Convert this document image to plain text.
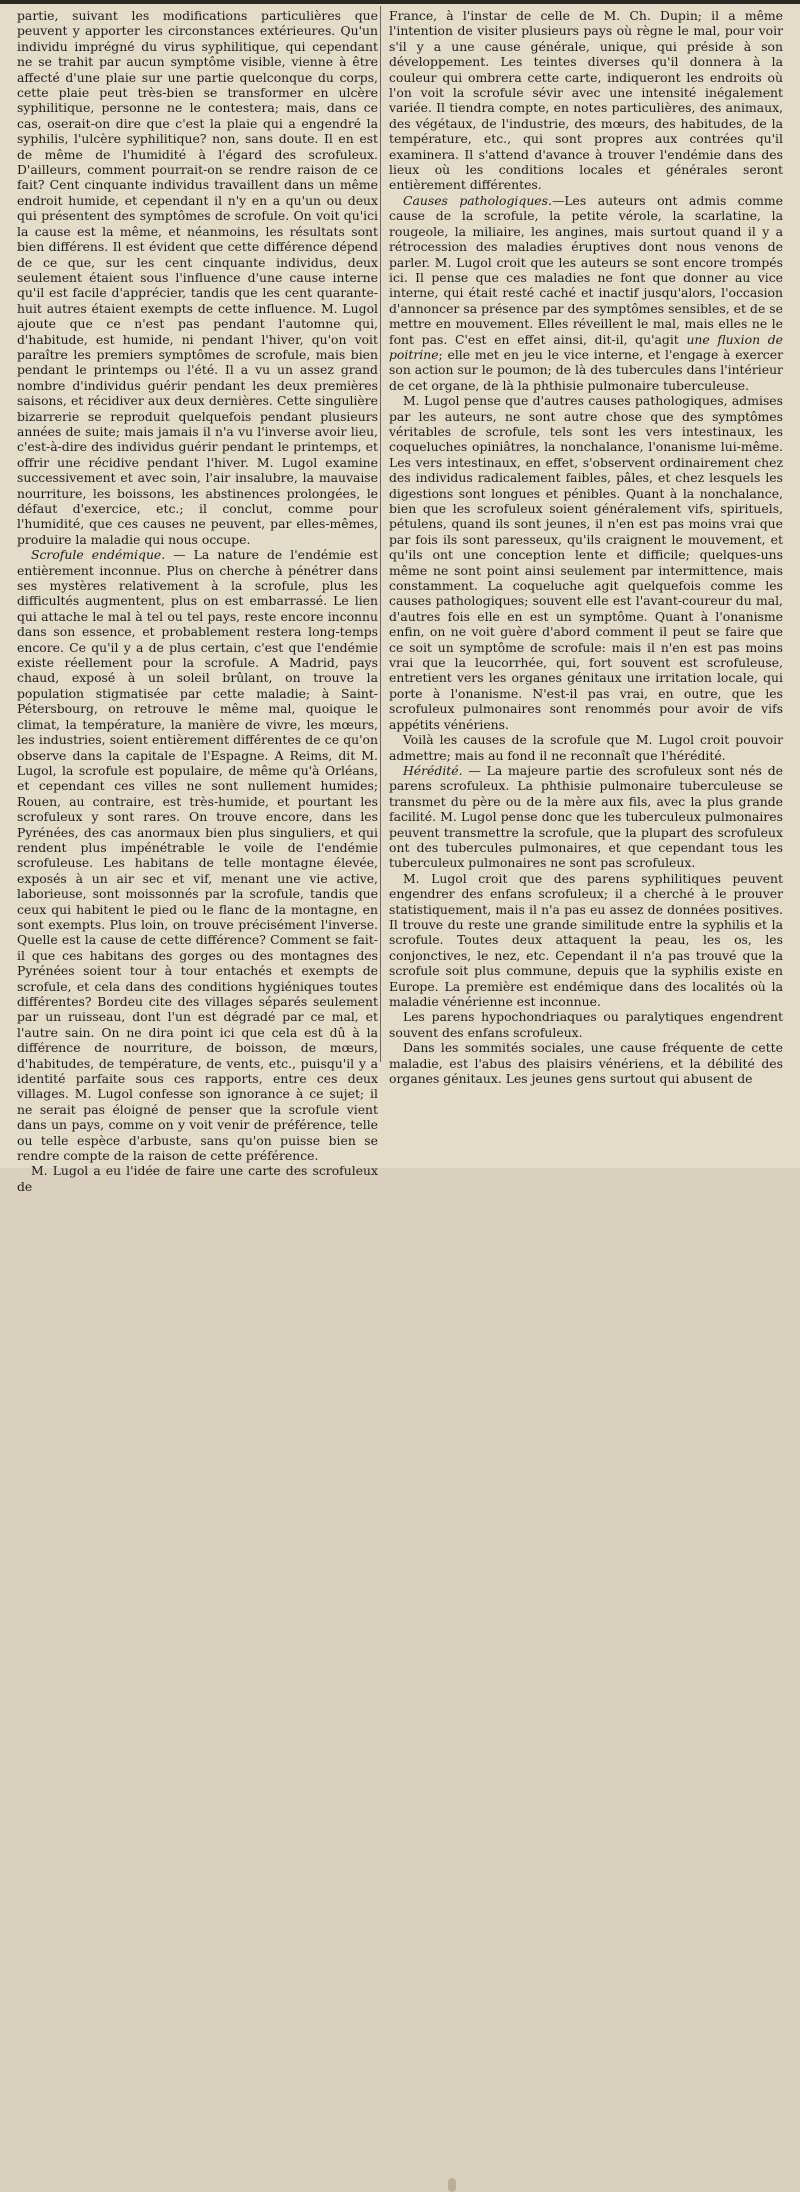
partie, suivant les modifications particulières que peuvent y apporter les circonstances extérieures. Qu'un individu imprégné du virus syphilitique, qui cependant ne se trahit par aucun symptôme visible, vienne à être affecté d'une plaie sur une partie quelconque du corps, cette plaie peut très-bien se transformer en ulcère syphilitique, personne ne le contestera; mais, dans ce cas, oserait-on dire que c'est la plaie qui a engendré la syphilis, l'ulcère syphilitique? non, sans doute. Il en est de même de l'humidité à l'égard des scrofuleux. D'ailleurs, comment pourrait-on se rendre raison de ce fait? Cent cinquante individus travaillent dans un même endroit humide, et cependant il n'y en a qu'un ou deux qui présentent des symptômes de scrofule. On voit qu'ici la cause est la même, et néanmoins, les résultats sont bien différens. Il est évident que cette différence dépend de ce que, sur les cent cinquante individus, deux seulement étaient sous l'influence d'une cause interne qu'il est facile d'apprécier, tandis que les cent quarante-huit autres étaient exempts de cette influence. M. Lugol ajoute que ce n'est pas pendant l'automne qui, d'habitude, est humide, ni pendant l'hiver, qu'on voit paraître les premiers symptômes de scrofule, mais bien pendant le printemps ou l'été. Il a vu un assez grand nombre d'individus guérir pendant les deux premières saisons, et récidiver aux deux dernières. Cette singulière bizarrerie se reproduit quelquefois pendant plusieurs années de suite; mais jamais il n'a vu l'inverse avoir lieu, c'est-à-dire des individus guérir pendant le printemps, et offrir une récidive pendant l'hiver. M. Lugol examine successivement et avec soin, l'air insalubre, la mauvaise nourriture, les boissons, les abstinences prolongées, le défaut d'exercice, etc.; il conclut, comme pour l'humidité, que ces causes ne peuvent, par elles-mêmes, produire la maladie qui nous occupe.

Scrofule endémique. — La nature de l'endémie est entièrement inconnue. Plus on cherche à pénétrer dans ses mystères relativement à la scrofule, plus les difficultés augmentent, plus on est embarrassé. Le lien qui attache le mal à tel ou tel pays, reste encore inconnu dans son essence, et probablement restera long-temps encore. Ce qu'il y a de plus certain, c'est que l'endémie existe réellement pour la scrofule. A Madrid, pays chaud, exposé à un soleil brûlant, on trouve la population stigmatisée par cette maladie; à Saint-Pétersbourg, on retrouve le même mal, quoique le climat, la température, la manière de vivre, les mœurs, les industries, soient entièrement différentes de ce qu'on observe dans la capitale de l'Espagne. A Reims, dit M. Lugol, la scrofule est populaire, de même qu'à Orléans, et cependant ces villes ne sont nullement humides; Rouen, au contraire, est très-humide, et pourtant les scrofuleux y sont rares. On trouve encore, dans les Pyrénées, des cas anormaux bien plus singuliers, et qui rendent plus impénétrable le voile de l'endémie scrofuleuse. Les habitans de telle montagne élevée, exposés à un air sec et vif, menant une vie active, laborieuse, sont moissonnés par la scrofule, tandis que ceux qui habitent le pied ou le flanc de la montagne, en sont exempts. Plus loin, on trouve précisément l'inverse. Quelle est la cause de cette différence? Comment se fait-il que ces habitans des gorges ou des montagnes des Pyrénées soient tour à tour entachés et exempts de scrofule, et cela dans des conditions hygiéniques toutes différentes? Bordeu cite des villages séparés seulement par un ruisseau, dont l'un est dégradé par ce mal, et l'autre sain. On ne dira point ici que cela est dû à la différence de nourriture, de boisson, de mœurs, d'habitudes, de température, de vents, etc., puisqu'il y a identité parfaite sous ces rapports, entre ces deux villages. M. Lugol confesse son ignorance à ce sujet; il ne serait pas éloigné de penser que la scrofule vient dans un pays, comme on y voit venir de préférence, telle ou telle espèce d'arbuste, sans qu'on puisse bien se rendre compte de la raison de cette préférence.

M. Lugol a eu l'idée de faire une carte des scrofuleux de

France, à l'instar de celle de M. Ch. Dupin; il a même l'intention de visiter plusieurs pays où règne le mal, pour voir s'il y a une cause générale, unique, qui préside à son développement. Les teintes diverses qu'il donnera à la couleur qui ombrera cette carte, indiqueront les endroits où l'on voit la scrofule sévir avec une intensité inégalement variée. Il tiendra compte, en notes particulières, des animaux, des végétaux, de l'industrie, des mœurs, des habitudes, de la température, etc., qui sont propres aux contrées qu'il examinera. Il s'attend d'avance à trouver l'endémie dans des lieux où les conditions locales et générales seront entièrement différentes.

Causes pathologiques.—Les auteurs ont admis comme cause de la scrofule, la petite vérole, la scarlatine, la rougeole, la miliaire, les angines, mais surtout quand il y a rétrocession des maladies éruptives dont nous venons de parler. M. Lugol croit que les auteurs se sont encore trompés ici. Il pense que ces maladies ne font que donner au vice interne, qui était resté caché et inactif jusqu'alors, l'occasion d'annoncer sa présence par des symptômes sensibles, et de se mettre en mouvement. Elles réveillent le mal, mais elles ne le font pas. C'est en effet ainsi, dit-il, qu'agit une fluxion de poitrine; elle met en jeu le vice interne, et l'engage à exercer son action sur le poumon; de là des tubercules dans l'intérieur de cet organe, de là la phthisie pulmonaire tuberculeuse.

M. Lugol pense que d'autres causes pathologiques, admises par les auteurs, ne sont autre chose que des symptômes véritables de scrofule, tels sont les vers intestinaux, les coqueluches opiniâtres, la nonchalance, l'onanisme lui-même. Les vers intestinaux, en effet, s'observent ordinairement chez des individus radicalement faibles, pâles, et chez lesquels les digestions sont longues et pénibles. Quant à la nonchalance, bien que les scrofuleux soient généralement vifs, spirituels, pétulens, quand ils sont jeunes, il n'en est pas moins vrai que par fois ils sont paresseux, qu'ils craignent le mouvement, et qu'ils ont une conception lente et difficile; quelques-uns même ne sont point ainsi seulement par intermittence, mais constamment. La coqueluche agit quelquefois comme les causes pathologiques; souvent elle est l'avant-coureur du mal, d'autres fois elle en est un symptôme. Quant à l'onanisme enfin, on ne voit guère d'abord comment il peut se faire que ce soit un symptôme de scrofule: mais il n'en est pas moins vrai que la leucorrhée, qui, fort souvent est scrofuleuse, entretient vers les organes génitaux une irritation locale, qui porte à l'onanisme. N'est-il pas vrai, en outre, que les scrofuleux pulmonaires sont renommés pour avoir de vifs appétits vénériens.

Voilà les causes de la scrofule que M. Lugol croit pouvoir admettre; mais au fond il ne reconnaît que l'hérédité.

Hérédité. — La majeure partie des scrofuleux sont nés de parens scrofuleux. La phthisie pulmonaire tuberculeuse se transmet du père ou de la mère aux fils, avec la plus grande facilité. M. Lugol pense donc que les tuberculeux pulmonaires peuvent transmettre la scrofule, que la plupart des scrofuleux ont des tubercules pulmonaires, et que cependant tous les tuberculeux pulmonaires ne sont pas scrofuleux.

M. Lugol croit que des parens syphilitiques peuvent engendrer des enfans scrofuleux; il a cherché à le prouver statistiquement, mais il n'a pas eu assez de données positives. Il trouve du reste une grande similitude entre la syphilis et la scrofule. Toutes deux attaquent la peau, les os, les conjonctives, le nez, etc. Cependant il n'a pas trouvé que la scrofule soit plus commune, depuis que la syphilis existe en Europe. La première est endémique dans des localités où la maladie vénérienne est inconnue.

Les parens hypochondriaques ou paralytiques engendrent souvent des enfans scrofuleux.

Dans les sommités sociales, une cause fréquente de cette maladie, est l'abus des plaisirs vénériens, et la débilité des organes génitaux. Les jeunes gens surtout qui abusent de
